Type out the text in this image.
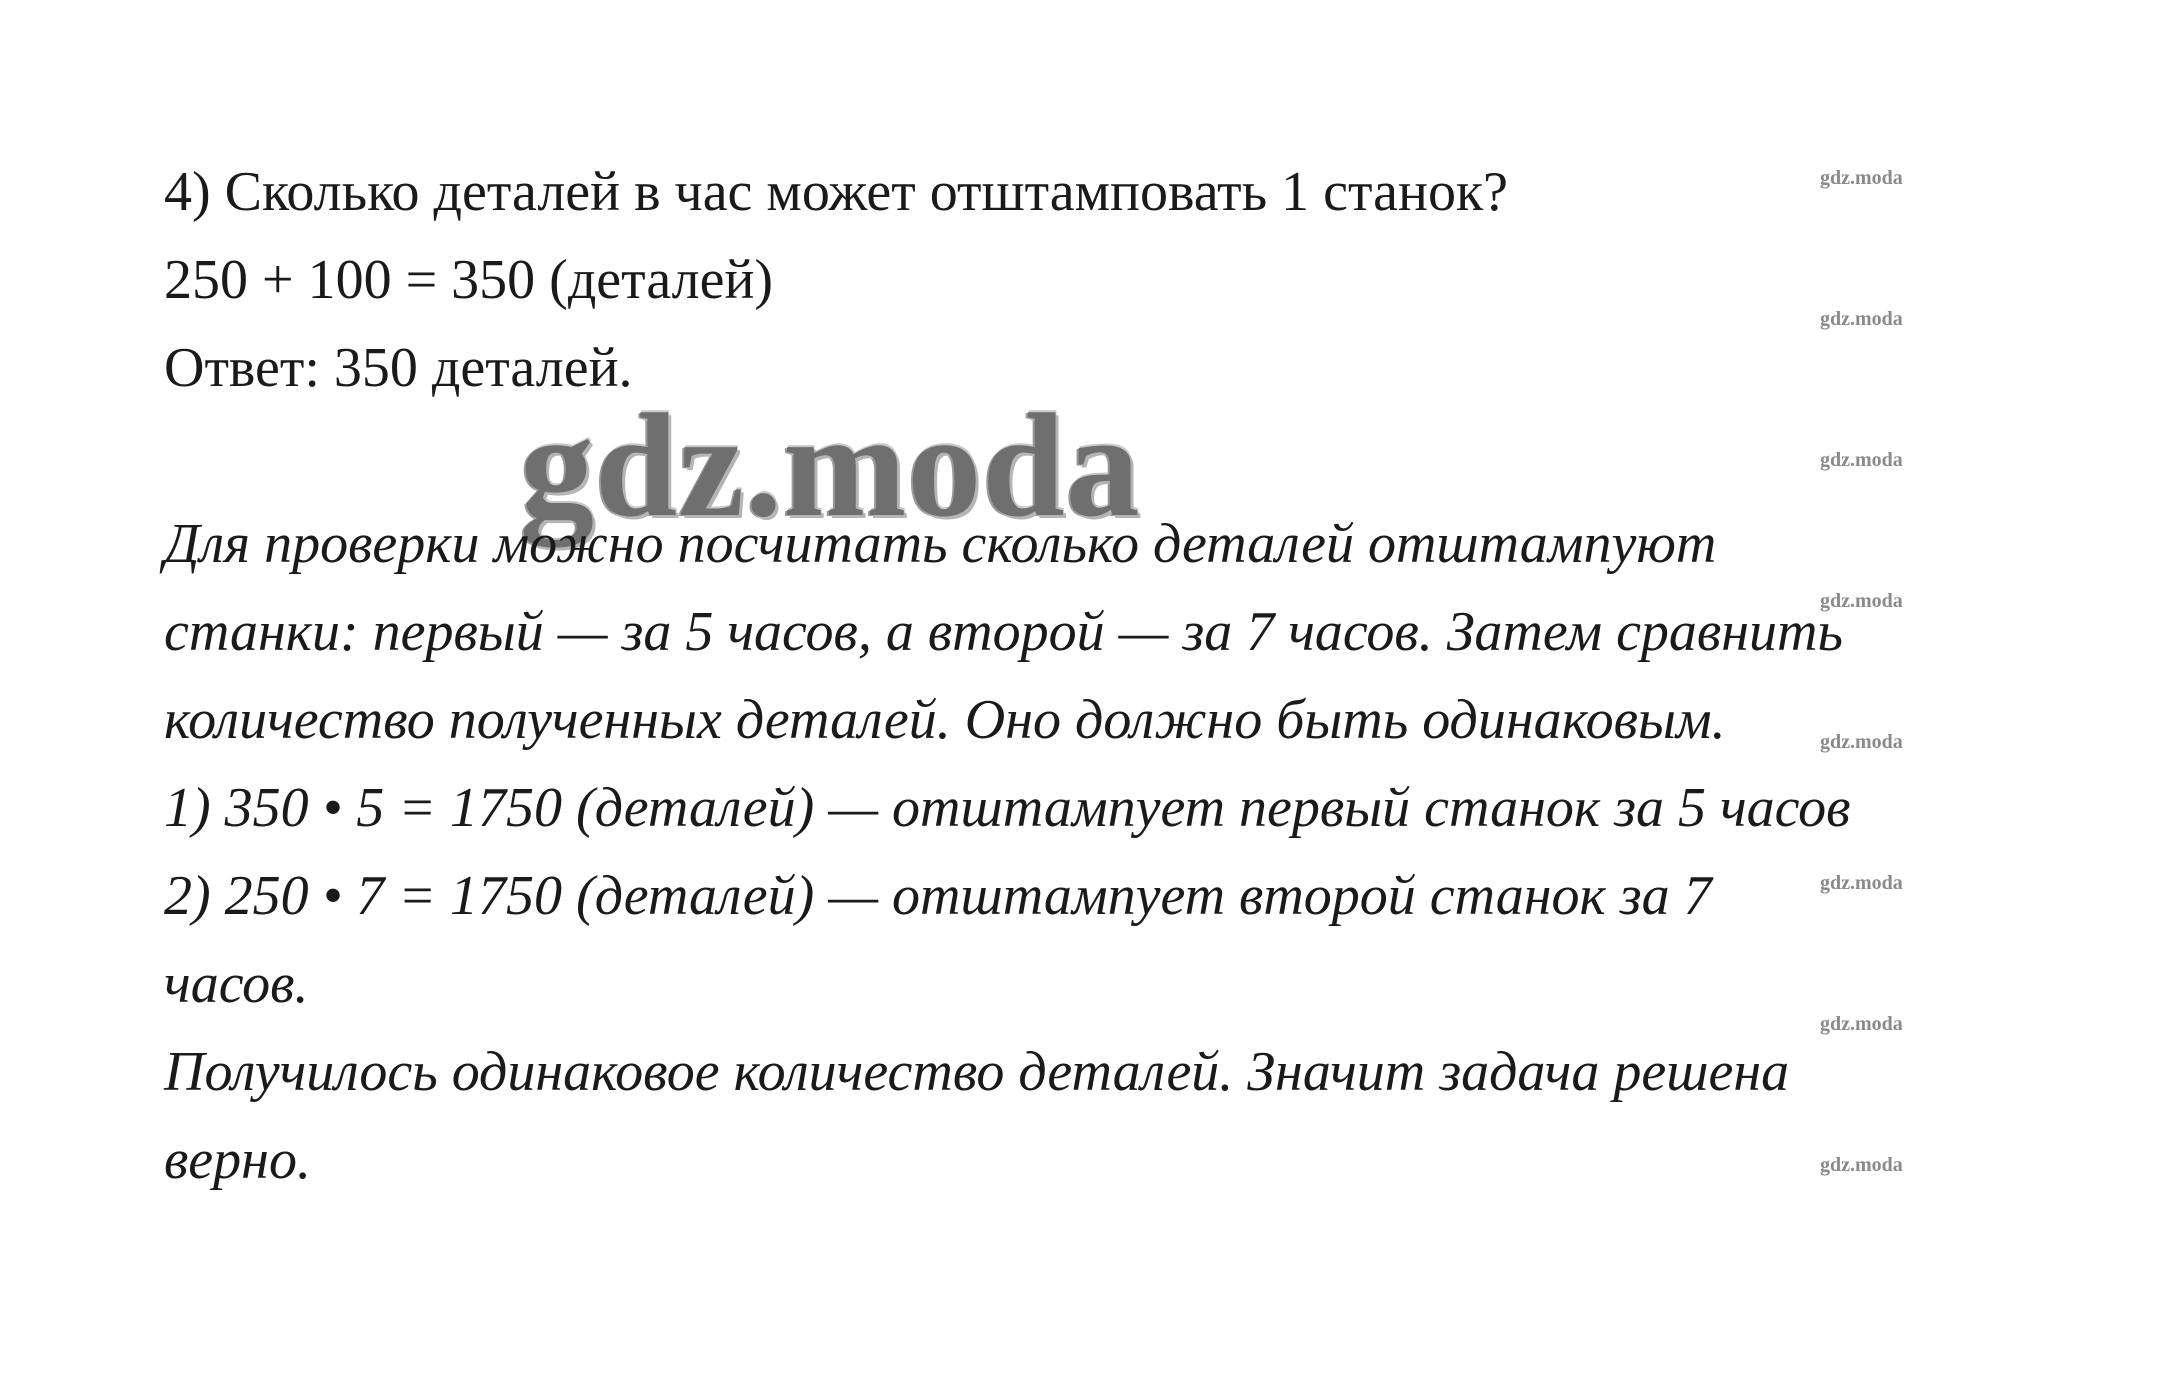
4) Сколько деталей в час может отштамповать 1 станок?
250 + 100 = 350 (деталей)
Ответ: 350 деталей.
gdz.moda
Для проверки можно посчитать сколько деталей отштампуют
станки: первый — за 5 часов, а второй — за 7 часов. Затем сравнить
количество полученных деталей. Оно должно быть одинаковым.
1) 350 • 5 = 1750 (деталей) — отштампует первый станок за 5 часов
2) 250 • 7 = 1750 (деталей) — отштампует второй станок за 7
часов.
Получилось одинаковое количество деталей. Значит задача решена
верно.
gdz.moda
gdz.moda
gdz.moda
gdz.moda
gdz.moda
gdz.moda
gdz.moda
gdz.moda
